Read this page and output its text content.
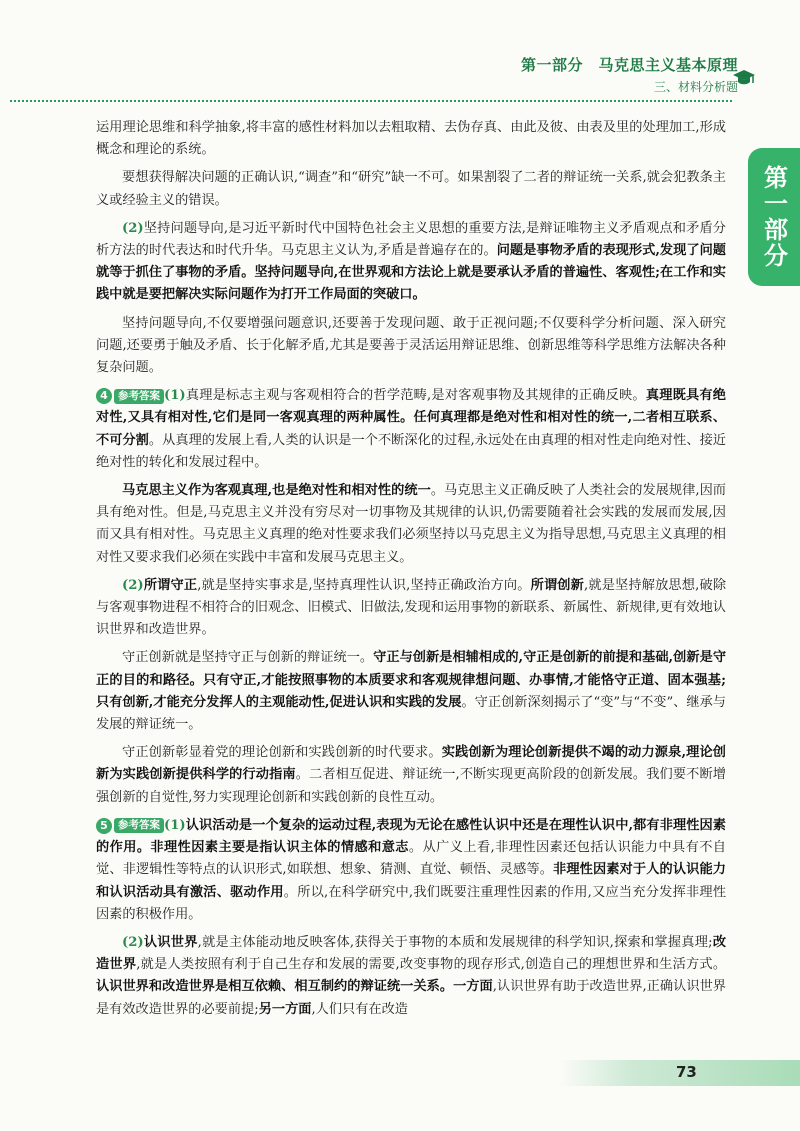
第一部分　马克思主义基本原理
三、材料分析题
第一部分

运用理论思维和科学抽象,将丰富的感性材料加以去粗取精、去伪存真、由此及彼、由表及里的处理加工,形成概念和理论的系统。

要想获得解决问题的正确认识,“调查”和“研究”缺一不可。如果割裂了二者的辩证统一关系,就会犯教条主义或经验主义的错误。

(2)坚持问题导向,是习近平新时代中国特色社会主义思想的重要方法,是辩证唯物主义矛盾观点和矛盾分析方法的时代表达和时代升华。马克思主义认为,矛盾是普遍存在的。问题是事物矛盾的表现形式,发现了问题就等于抓住了事物的矛盾。坚持问题导向,在世界观和方法论上就是要承认矛盾的普遍性、客观性;在工作和实践中就是要把解决实际问题作为打开工作局面的突破口。

坚持问题导向,不仅要增强问题意识,还要善于发现问题、敢于正视问题;不仅要科学分析问题、深入研究问题,还要勇于触及矛盾、长于化解矛盾,尤其是要善于灵活运用辩证思维、创新思维等科学思维方法解决各种复杂问题。

4 参考答案 (1)真理是标志主观与客观相符合的哲学范畴,是对客观事物及其规律的正确反映。真理既具有绝对性,又具有相对性,它们是同一客观真理的两种属性。任何真理都是绝对性和相对性的统一,二者相互联系、不可分割。从真理的发展上看,人类的认识是一个不断深化的过程,永远处在由真理的相对性走向绝对性、接近绝对性的转化和发展过程中。

马克思主义作为客观真理,也是绝对性和相对性的统一。马克思主义正确反映了人类社会的发展规律,因而具有绝对性。但是,马克思主义并没有穷尽对一切事物及其规律的认识,仍需要随着社会实践的发展而发展,因而又具有相对性。马克思主义真理的绝对性要求我们必须坚持以马克思主义为指导思想,马克思主义真理的相对性又要求我们必须在实践中丰富和发展马克思主义。

(2)所谓守正,就是坚持实事求是,坚持真理性认识,坚持正确政治方向。所谓创新,就是坚持解放思想,破除与客观事物进程不相符合的旧观念、旧模式、旧做法,发现和运用事物的新联系、新属性、新规律,更有效地认识世界和改造世界。

守正创新就是坚持守正与创新的辩证统一。守正与创新是相辅相成的,守正是创新的前提和基础,创新是守正的目的和路径。只有守正,才能按照事物的本质要求和客观规律想问题、办事情,才能恪守正道、固本强基;只有创新,才能充分发挥人的主观能动性,促进认识和实践的发展。守正创新深刻揭示了“变”与“不变”、继承与发展的辩证统一。

守正创新彰显着党的理论创新和实践创新的时代要求。实践创新为理论创新提供不竭的动力源泉,理论创新为实践创新提供科学的行动指南。二者相互促进、辩证统一,不断实现更高阶段的创新发展。我们要不断增强创新的自觉性,努力实现理论创新和实践创新的良性互动。

5 参考答案 (1)认识活动是一个复杂的运动过程,表现为无论在感性认识中还是在理性认识中,都有非理性因素的作用。非理性因素主要是指认识主体的情感和意志。从广义上看,非理性因素还包括认识能力中具有不自觉、非逻辑性等特点的认识形式,如联想、想象、猜测、直觉、顿悟、灵感等。非理性因素对于人的认识能力和认识活动具有激活、驱动作用。所以,在科学研究中,我们既要注重理性因素的作用,又应当充分发挥非理性因素的积极作用。

(2)认识世界,就是主体能动地反映客体,获得关于事物的本质和发展规律的科学知识,探索和掌握真理;改造世界,就是人类按照有利于自己生存和发展的需要,改变事物的现存形式,创造自己的理想世界和生活方式。认识世界和改造世界是相互依赖、相互制约的辩证统一关系。一方面,认识世界有助于改造世界,正确认识世界是有效改造世界的必要前提;另一方面,人们只有在改造

73
